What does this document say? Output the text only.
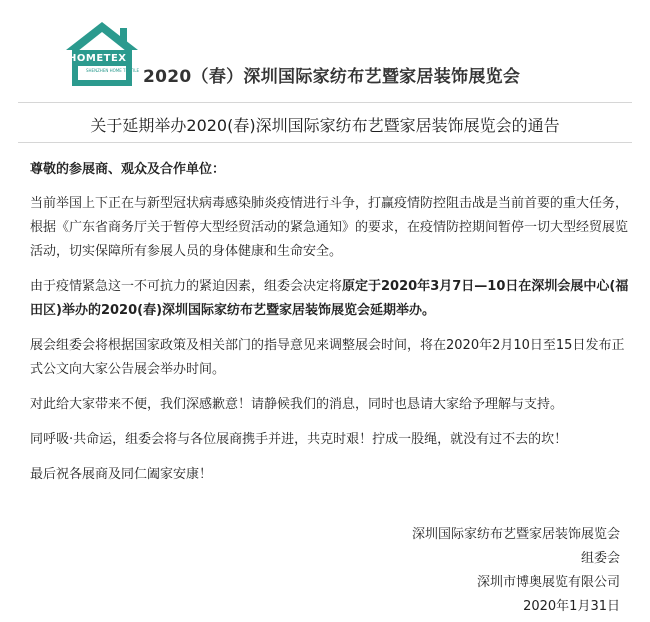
HOMETEX
SHENZHEN HOME TEXTILE 2020（春）深圳国际家纺布艺暨家居装饰展览会
关于延期举办2020(春)深圳国际家纺布艺暨家居装饰展览会的通告

尊敬的参展商、观众及合作单位：

当前举国上下正在与新型冠状病毒感染肺炎疫情进行斗争，打赢疫情防控阻击战是当前首要的重大任务，根据《广东省商务厅关于暂停大型经贸活动的紧急通知》的要求，在疫情防控期间暂停一切大型经贸展览活动，切实保障所有参展人员的身体健康和生命安全。

由于疫情紧急这一不可抗力的紧迫因素，组委会决定将原定于2020年3月7日—10日在深圳会展中心(福田区)举办的2020(春)深圳国际家纺布艺暨家居装饰展览会延期举办。

展会组委会将根据国家政策及相关部门的指导意见来调整展会时间，将在2020年2月10日至15日发布正式公文向大家公告展会举办时间。

对此给大家带来不便，我们深感歉意！请静候我们的消息，同时也恳请大家给予理解与支持。

同呼吸·共命运，组委会将与各位展商携手并进，共克时艰！拧成一股绳，就没有过不去的坎！

最后祝各展商及同仁阖家安康！

深圳国际家纺布艺暨家居装饰展览会
组委会
深圳市博奥展览有限公司
2020年1月31日
